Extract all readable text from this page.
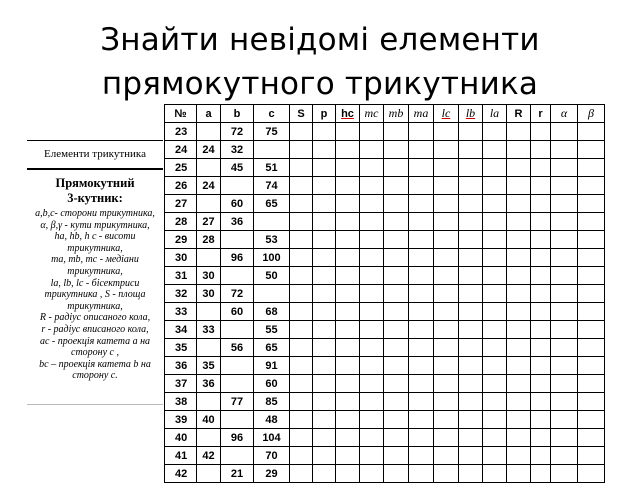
Знайти невідомі елементи
прямокутного трикутника
Елементи трикутника
Прямокутний
3-кутник:
a,b,c- сторони трикутника,
α, β,γ - кути трикутника,
ha, hb, h c - висоти
трикутника,
ma, mb, mc - медіани
трикутника,
la, lb, lc - бісектриси
трикутника , S - площа
трикутника,
R - радіус описаного кола,
r - радіус вписаного кола,
ac - проекція катета a на
сторону c ,
bc – проекція катета b на
сторону c.
№	a	b	c	S	p	hc	mc	mb	ma	lc	lb	la	R	r	α	β
23		72	75													
24	24	32														
25		45	51													
26	24		74													
27		60	65													
28	27	36														
29	28		53													
30		96	100													
31	30		50													
32	30	72														
33		60	68													
34	33		55													
35		56	65													
36	35		91													
37	36		60													
38		77	85													
39	40		48													
40		96	104													
41	42		70													
42		21	29													
